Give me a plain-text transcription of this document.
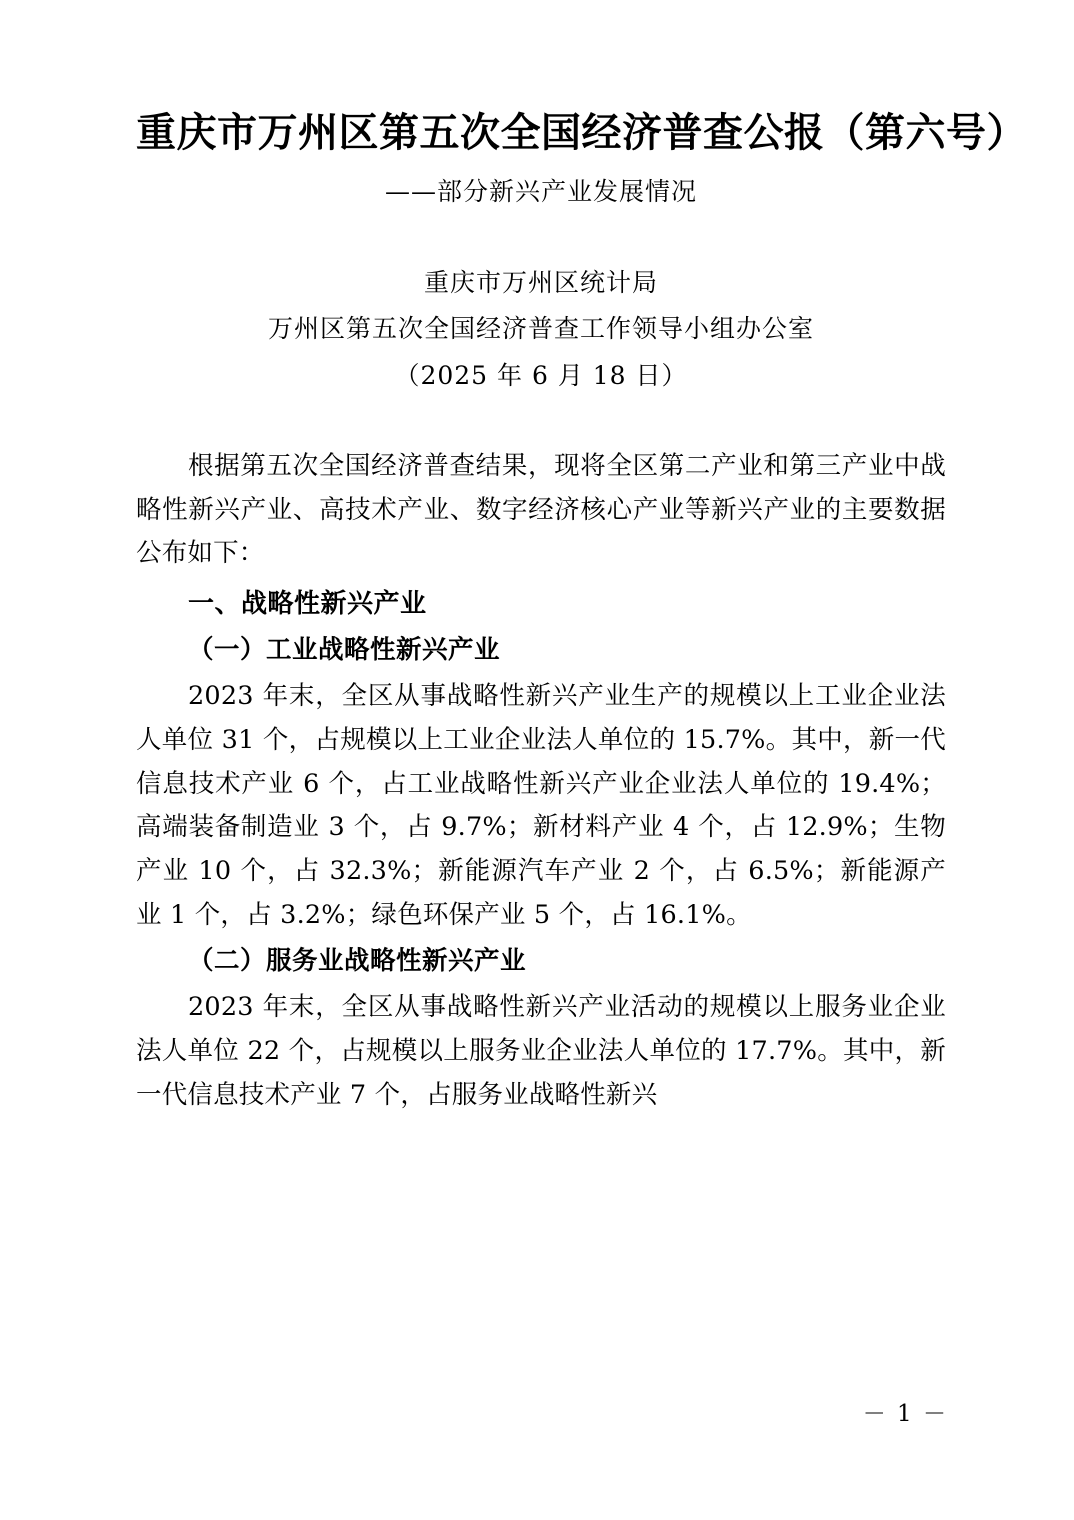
重庆市万州区第五次全国经济普查公报（第六号）
——部分新兴产业发展情况
重庆市万州区统计局
万州区第五次全国经济普查工作领导小组办公室
（2025 年 6 月 18 日）

根据第五次全国经济普查结果，现将全区第二产业和第三产业中战略性新兴产业、高技术产业、数字经济核心产业等新兴产业的主要数据公布如下：

一、战略性新兴产业

（一）工业战略性新兴产业

2023 年末，全区从事战略性新兴产业生产的规模以上工业企业法人单位 31 个，占规模以上工业企业法人单位的 15.7%。其中，新一代信息技术产业 6 个，占工业战略性新兴产业企业法人单位的 19.4%；高端装备制造业 3 个，占 9.7%；新材料产业 4 个，占 12.9%；生物产业 10 个，占 32.3%；新能源汽车产业 2 个，占 6.5%；新能源产业 1 个，占 3.2%；绿色环保产业 5 个，占 16.1%。

（二）服务业战略性新兴产业

2023 年末，全区从事战略性新兴产业活动的规模以上服务业企业法人单位 22 个，占规模以上服务业企业法人单位的 17.7%。其中，新一代信息技术产业 7 个，占服务业战略性新兴

－ 1 －
